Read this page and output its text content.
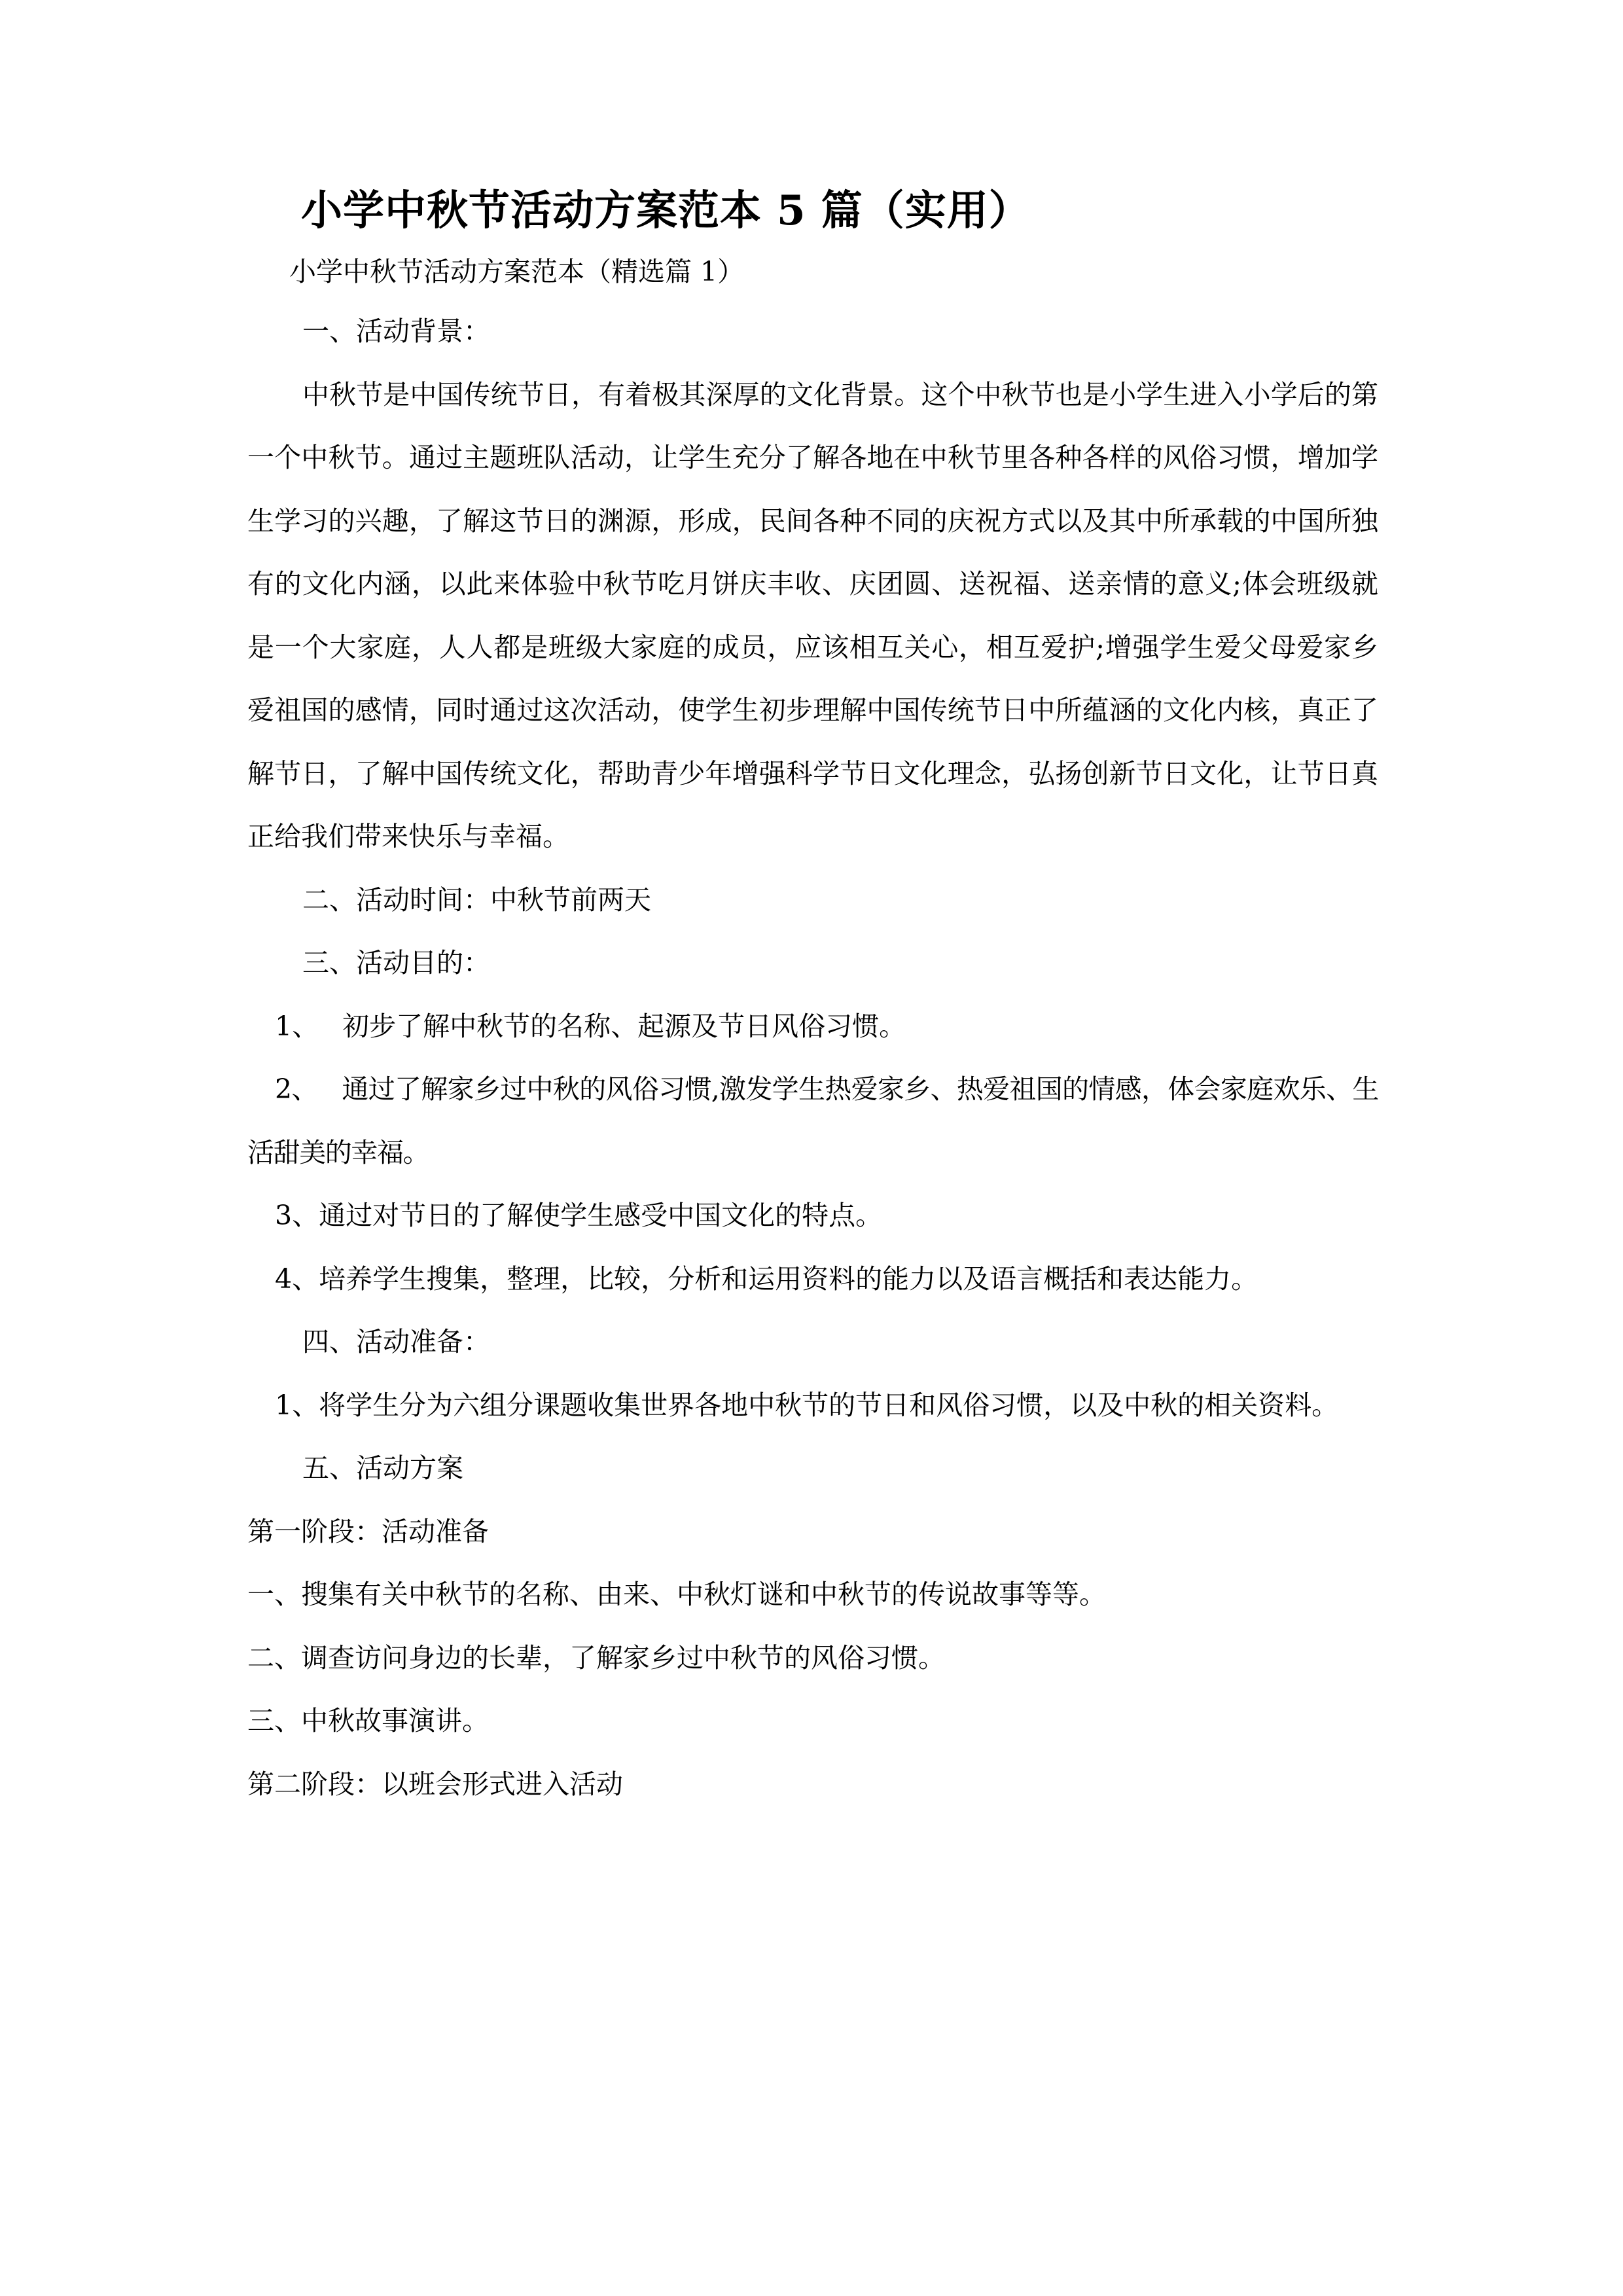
小学中秋节活动方案范本 5 篇（实用）

小学中秋节活动方案范本（精选篇 1）

一、活动背景：

中秋节是中国传统节日，有着极其深厚的文化背景。这个中秋节也是小学生进入小学后的第一个中秋节。通过主题班队活动，让学生充分了解各地在中秋节里各种各样的风俗习惯，增加学生学习的兴趣，了解这节日的渊源，形成，民间各种不同的庆祝方式以及其中所承载的中国所独有的文化内涵，以此来体验中秋节吃月饼庆丰收、庆团圆、送祝福、送亲情的意义;体会班级就是一个大家庭，人人都是班级大家庭的成员，应该相互关心，相互爱护;增强学生爱父母爱家乡爱祖国的感情，同时通过这次活动，使学生初步理解中国传统节日中所蕴涵的文化内核，真正了解节日，了解中国传统文化，帮助青少年增强科学节日文化理念，弘扬创新节日文化，让节日真正给我们带来快乐与幸福。

二、活动时间：中秋节前两天

三、活动目的：

1、 初步了解中秋节的名称、起源及节日风俗习惯。

2、 通过了解家乡过中秋的风俗习惯,激发学生热爱家乡、热爱祖国的情感，体会家庭欢乐、生活甜美的幸福。

3、通过对节日的了解使学生感受中国文化的特点。

4、培养学生搜集，整理，比较，分析和运用资料的能力以及语言概括和表达能力。

四、活动准备：

1、将学生分为六组分课题收集世界各地中秋节的节日和风俗习惯，以及中秋的相关资料。

五、活动方案

第一阶段：活动准备

一、搜集有关中秋节的名称、由来、中秋灯谜和中秋节的传说故事等等。

二、调查访问身边的长辈，了解家乡过中秋节的风俗习惯。

三、中秋故事演讲。

第二阶段：以班会形式进入活动
